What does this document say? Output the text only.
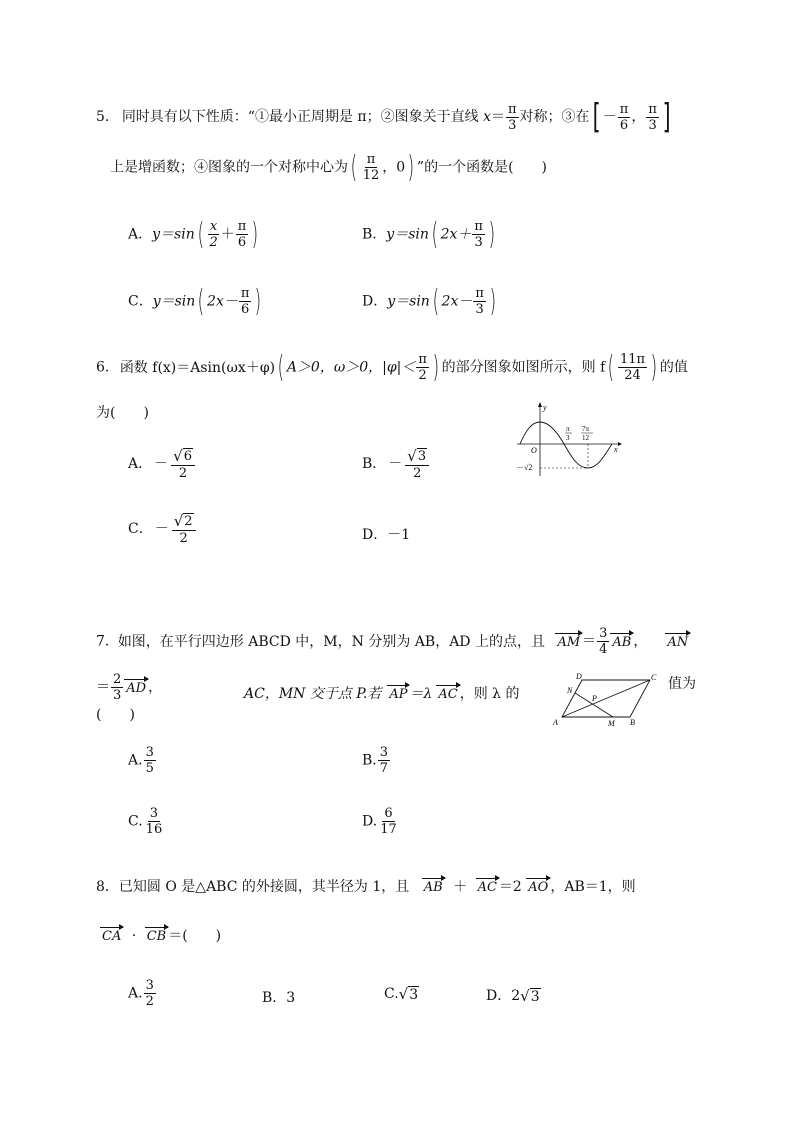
5. 同时具有以下性质：“①最小正周期是 π；②图象关于直线 $x= \frac{\pi}{3}$ 对称；③在[ － $\frac{\pi}{6}$ ， $\frac{\pi}{3}$ ]
上是增函数；④图象的一个对称中心为( $\frac{\pi}{12}$ ，0) ”的一个函数是(　　)
A．$y=\sin( \frac{x}{2} + \frac{\pi}{6}$ )	B．y＝sin( $2x+ \frac{\pi}{3}$ )
C．y＝sin( $2x- \frac{\pi}{6}$ )	D．y＝sin( $2x- \frac{\pi}{3}$ )
6. 函数 f(x)＝Asin(ωx＋φ)( A＞0，ω＞0，$|\varphi|< \frac{\pi}{2}$ ) 的部分图象如图所示，则 $f( \frac{11\pi}{24}$ ) 的值
为(　　)
A． － $\frac{√ 6}{2}$	B． － $\frac{√ 3}{2}$
C． － $\frac{√ 2}{2}$	D．－1
y
x
O
π
3
7π
12
－√2
7. 如图，在平行四边形 ABCD 中，M，N 分别为 AB，AD 上的点，且 AM ＝ $\frac{3}{4}$ AB ， AN
＝ $\frac{2}{3}$ AD ，	AC，MN 交于点 P.若 AP ＝λ AC ，则 λ 的
值为
(　　)	A	B
C
D
M
N
P
A. $\frac{3}{5}$	B. $\frac{3}{7}$
C. $\frac{3}{16}$	D. $\frac{6}{17}$
8．已知圆 O 是△ABC 的外接圆，其半径为 1，且 AB ＋ AC ＝2 AO ，AB＝1，则
CA · CB ＝(　　)
A. $\frac{3}{2}$	B．3	C. √ 3	D．2 √ 3
